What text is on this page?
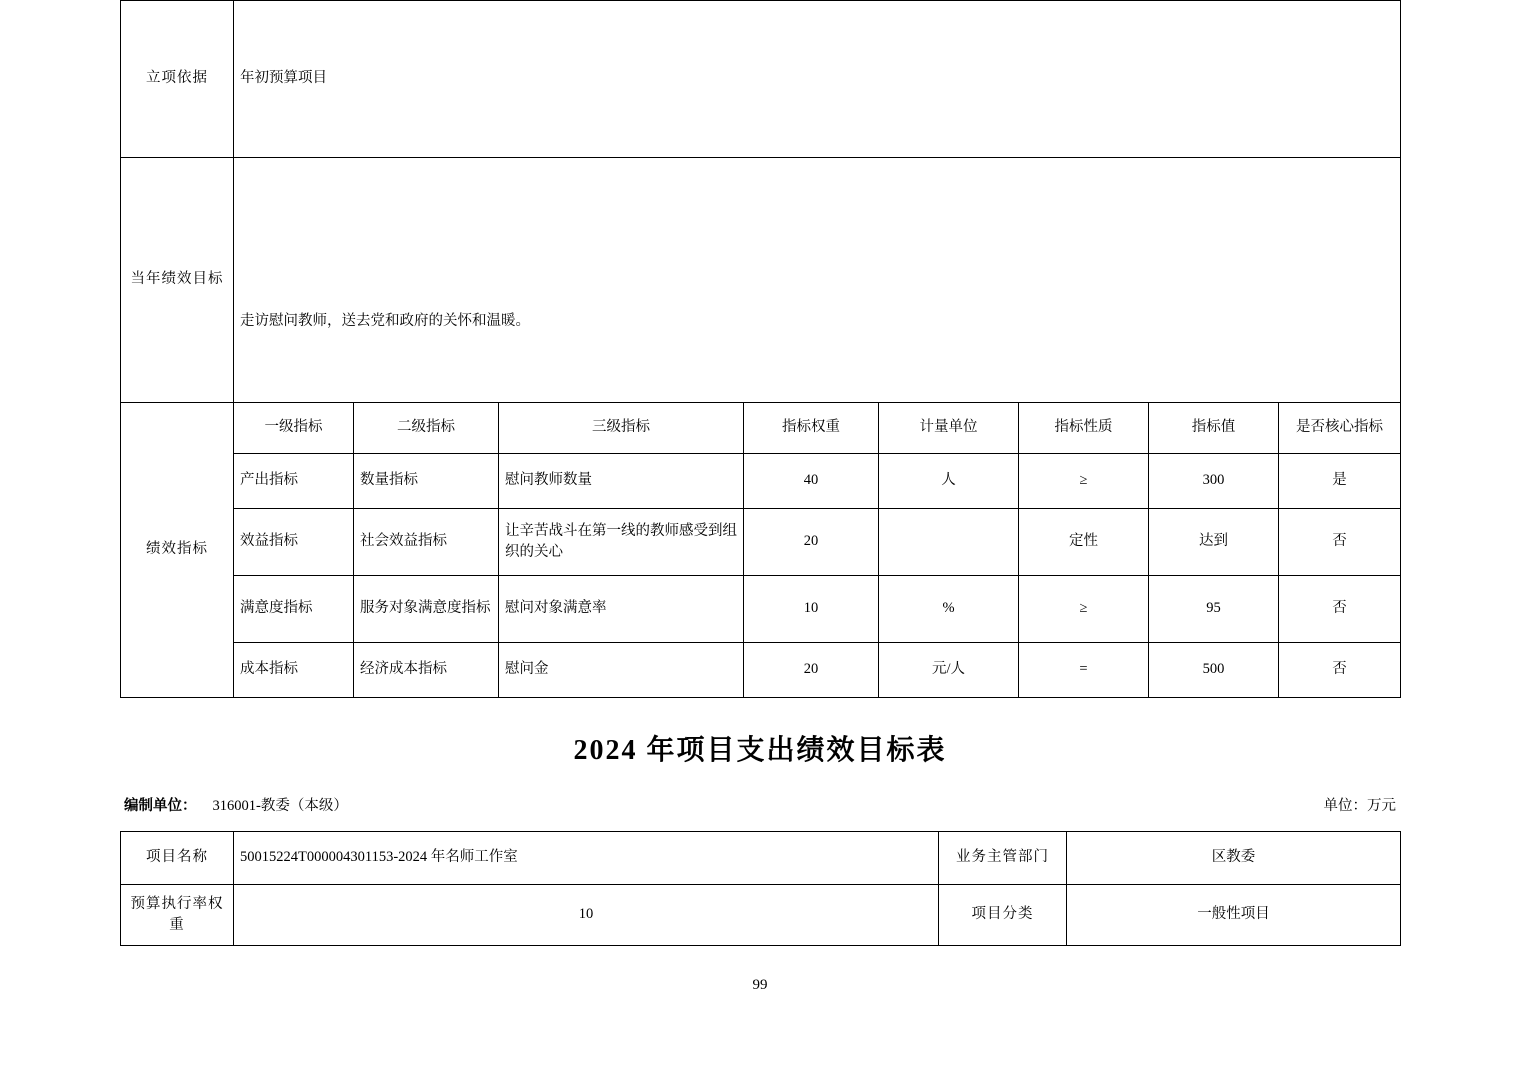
立项依据	年初预算项目							
当年绩效目标	走访慰问教师，送去党和政府的关怀和温暖。							
绩效指标	一级指标	二级指标	三级指标	指标权重	计量单位	指标性质	指标值	是否核心指标
	产出指标	数量指标	慰问教师数量	40	人	≥	300	是
	效益指标	社会效益指标	让辛苦战斗在第一线的教师感受到组织的关心	20		定性	达到	否
	满意度指标	服务对象满意度指标	慰问对象满意率	10	%	≥	95	否
	成本指标	经济成本指标	慰问金	20	元/人	=	500	否
2024 年项目支出绩效目标表
编制单位： 316001-教委（本级）	单位：万元
项目名称	50015224T000004301153-2024 年名师工作室	业务主管部门	区教委
预算执行率权重	10	项目分类	一般性项目
99
